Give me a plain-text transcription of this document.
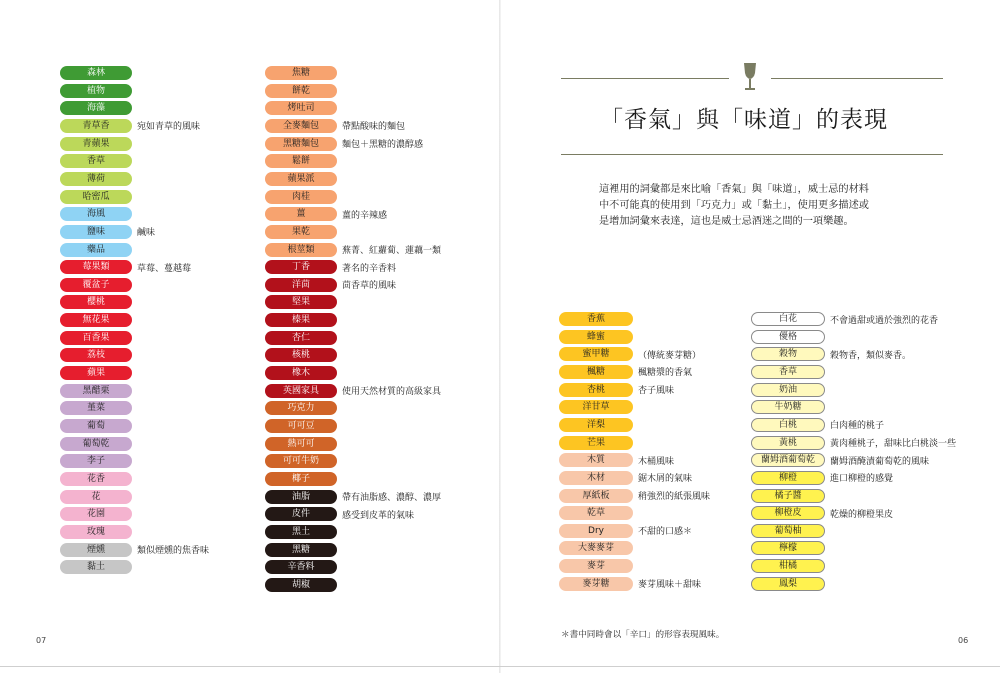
森林
植物
海藻
青草香	宛如青草的風味
青蘋果
香草
薄荷
哈密瓜
海風
鹽味	鹹味
藥品
莓果類	草莓、蔓越莓
覆盆子
櫻桃
無花果
百香果
荔枝
蘋果
黑醋栗
堇菜
葡萄
葡萄乾
李子
花香
花
花園
玫瑰
煙燻	類似煙燻的焦香味
黏土
焦糖
餅乾
烤吐司
全麥麵包	帶點酸味的麵包
黑糖麵包	麵包＋黑糖的濃醇感
鬆餅
蘋果派
肉桂
薑	薑的辛辣感
果乾
根莖類	蕪菁、紅蘿蔔、蓮藕一類
丁香	著名的辛香料
洋茴	茴香草的風味
堅果
榛果
杏仁
核桃
橡木
英國家具	使用天然材質的高級家具
巧克力
可可豆
熱可可
可可牛奶
椰子
油脂	帶有油脂感、濃醇、濃厚
皮件	感受到皮革的氣味
黑土
黑糖
辛香料
胡椒
香蕉
蜂蜜
蜜甲糖	（傳統麥芽糖）
楓糖	楓糖漿的香氣
杏桃	杏子風味
洋甘草
洋梨
芒果
木質	木桶風味
木材	鋸木屑的氣味
厚紙板	稍強烈的紙張風味
乾草
Dry	不甜的口感＊
大麥麥芽
麥芽
麥芽糖	麥芽風味＋甜味
白花	不會過甜或過於強烈的花香
優格
穀物	穀物香，類似麥香。
香草
奶油
牛奶糖
白桃	白肉種的桃子
黃桃	黃肉種桃子，甜味比白桃淡一些
蘭姆酒葡萄乾	蘭姆酒醃漬葡萄乾的風味
柳橙	進口柳橙的感覺
橘子醬
柳橙皮	乾燥的柳橙果皮
葡萄柚
檸檬
柑橘
鳳梨
07	06
「香氣」與「味道」的表現
這裡用的詞彙都是來比喻「香氣」與「味道」，威士忌的材料
中不可能真的使用到「巧克力」或「黏土」，使用更多描述或
是增加詞彙來表達，這也是威士忌酒迷之間的一項樂趣。
＊書中同時會以「辛口」的形容表現風味。
